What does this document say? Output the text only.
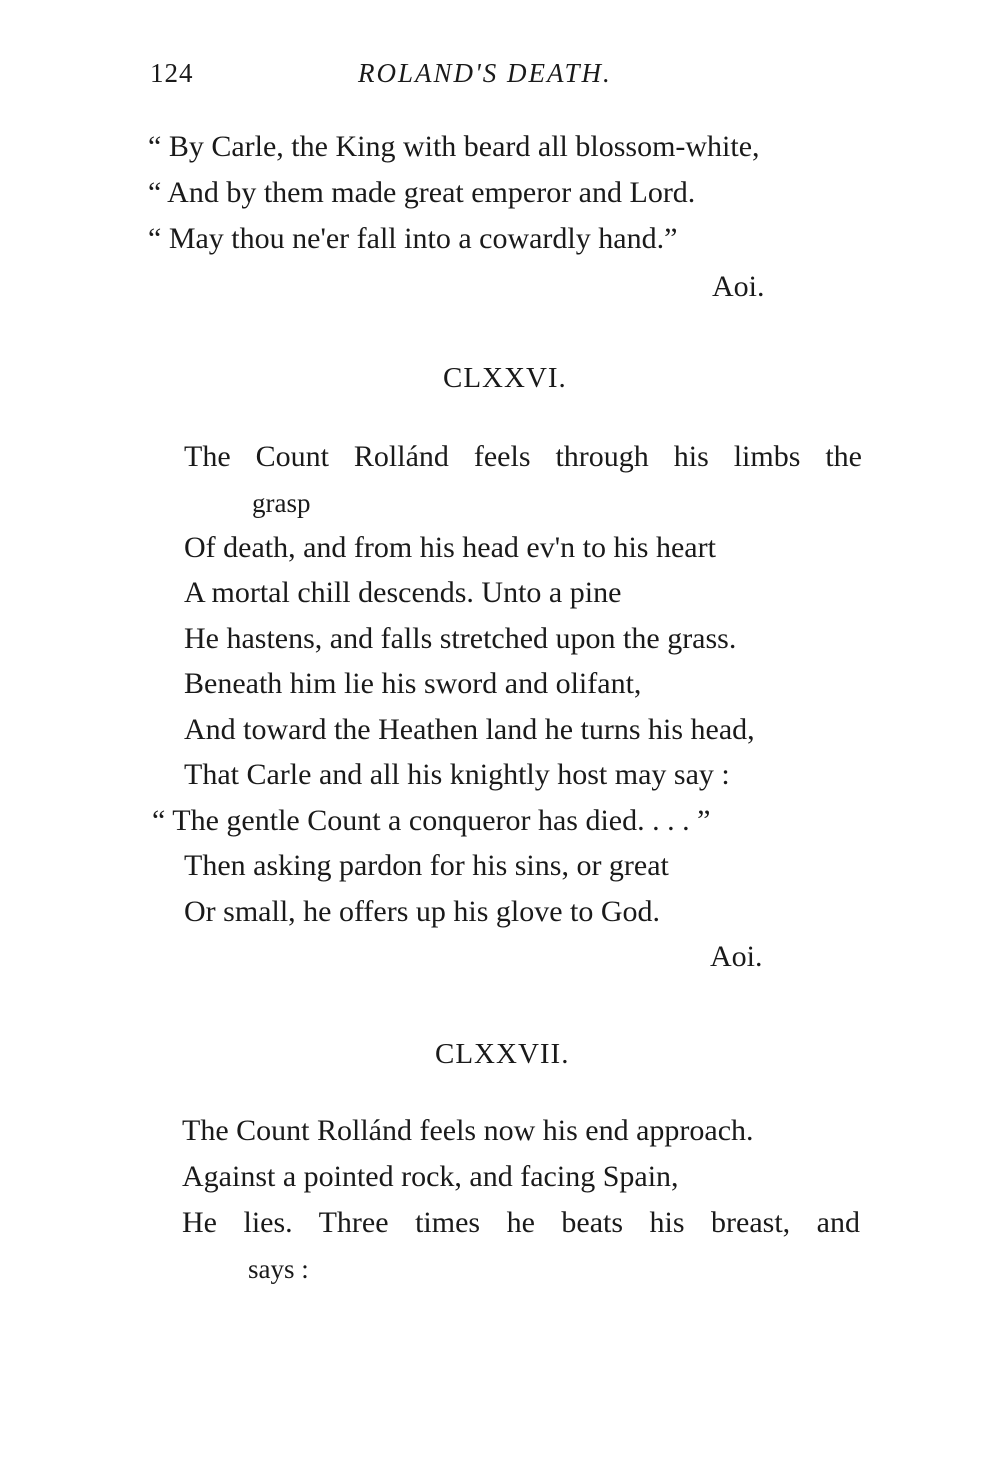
124	ROLAND'S DEATH.
“ By Carle, the King with beard all blossom-white,
“ And by them made great emperor and Lord.
“ May thou ne'er fall into a cowardly hand.”
Aoi.
CLXXVI.
The Count Rollánd feels through his limbs the
grasp
Of death, and from his head ev'n to his heart
A mortal chill descends. Unto a pine
He hastens, and falls stretched upon the grass.
Beneath him lie his sword and olifant,
And toward the Heathen land he turns his head,
That Carle and all his knightly host may say :
“ The gentle Count a conqueror has died. . . . ”
Then asking pardon for his sins, or great
Or small, he offers up his glove to God.
Aoi.
CLXXVII.
The Count Rollánd feels now his end approach.
Against a pointed rock, and facing Spain,
He lies. Three times he beats his breast, and
says :
